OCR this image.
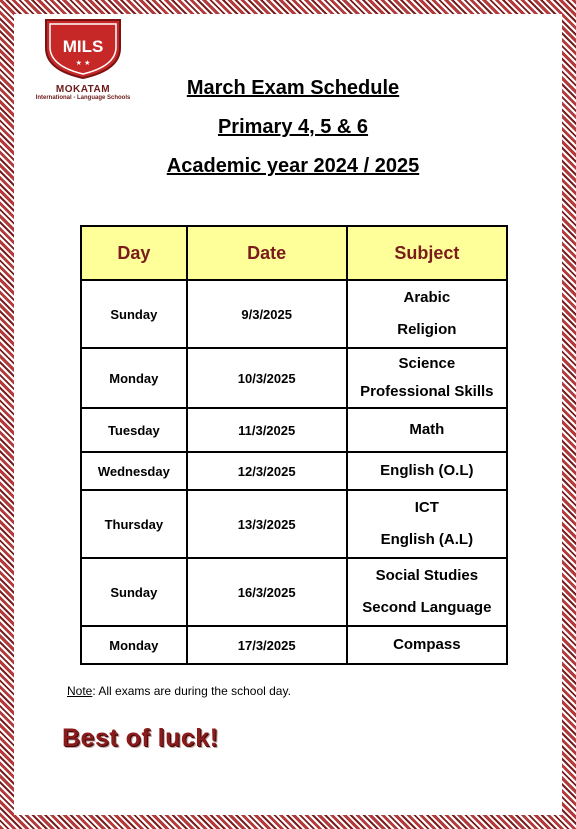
MILS
★ ★
MOKATAM
International - Language Schools	March Exam Schedule
Primary 4, 5 & 6
Academic year 2024 / 2025
Day	Date	Subject
Sunday	9/3/2025	Arabic
Religion

Monday	10/3/2025	Science
Professional Skills

Tuesday	11/3/2025	Math

Wednesday	12/3/2025	English (O.L)

Thursday	13/3/2025	ICT
English (A.L)

Sunday	16/3/2025	Social Studies
Second Language

Monday	17/3/2025	Compass
Note: All exams are during the school day.
Best of luck!
